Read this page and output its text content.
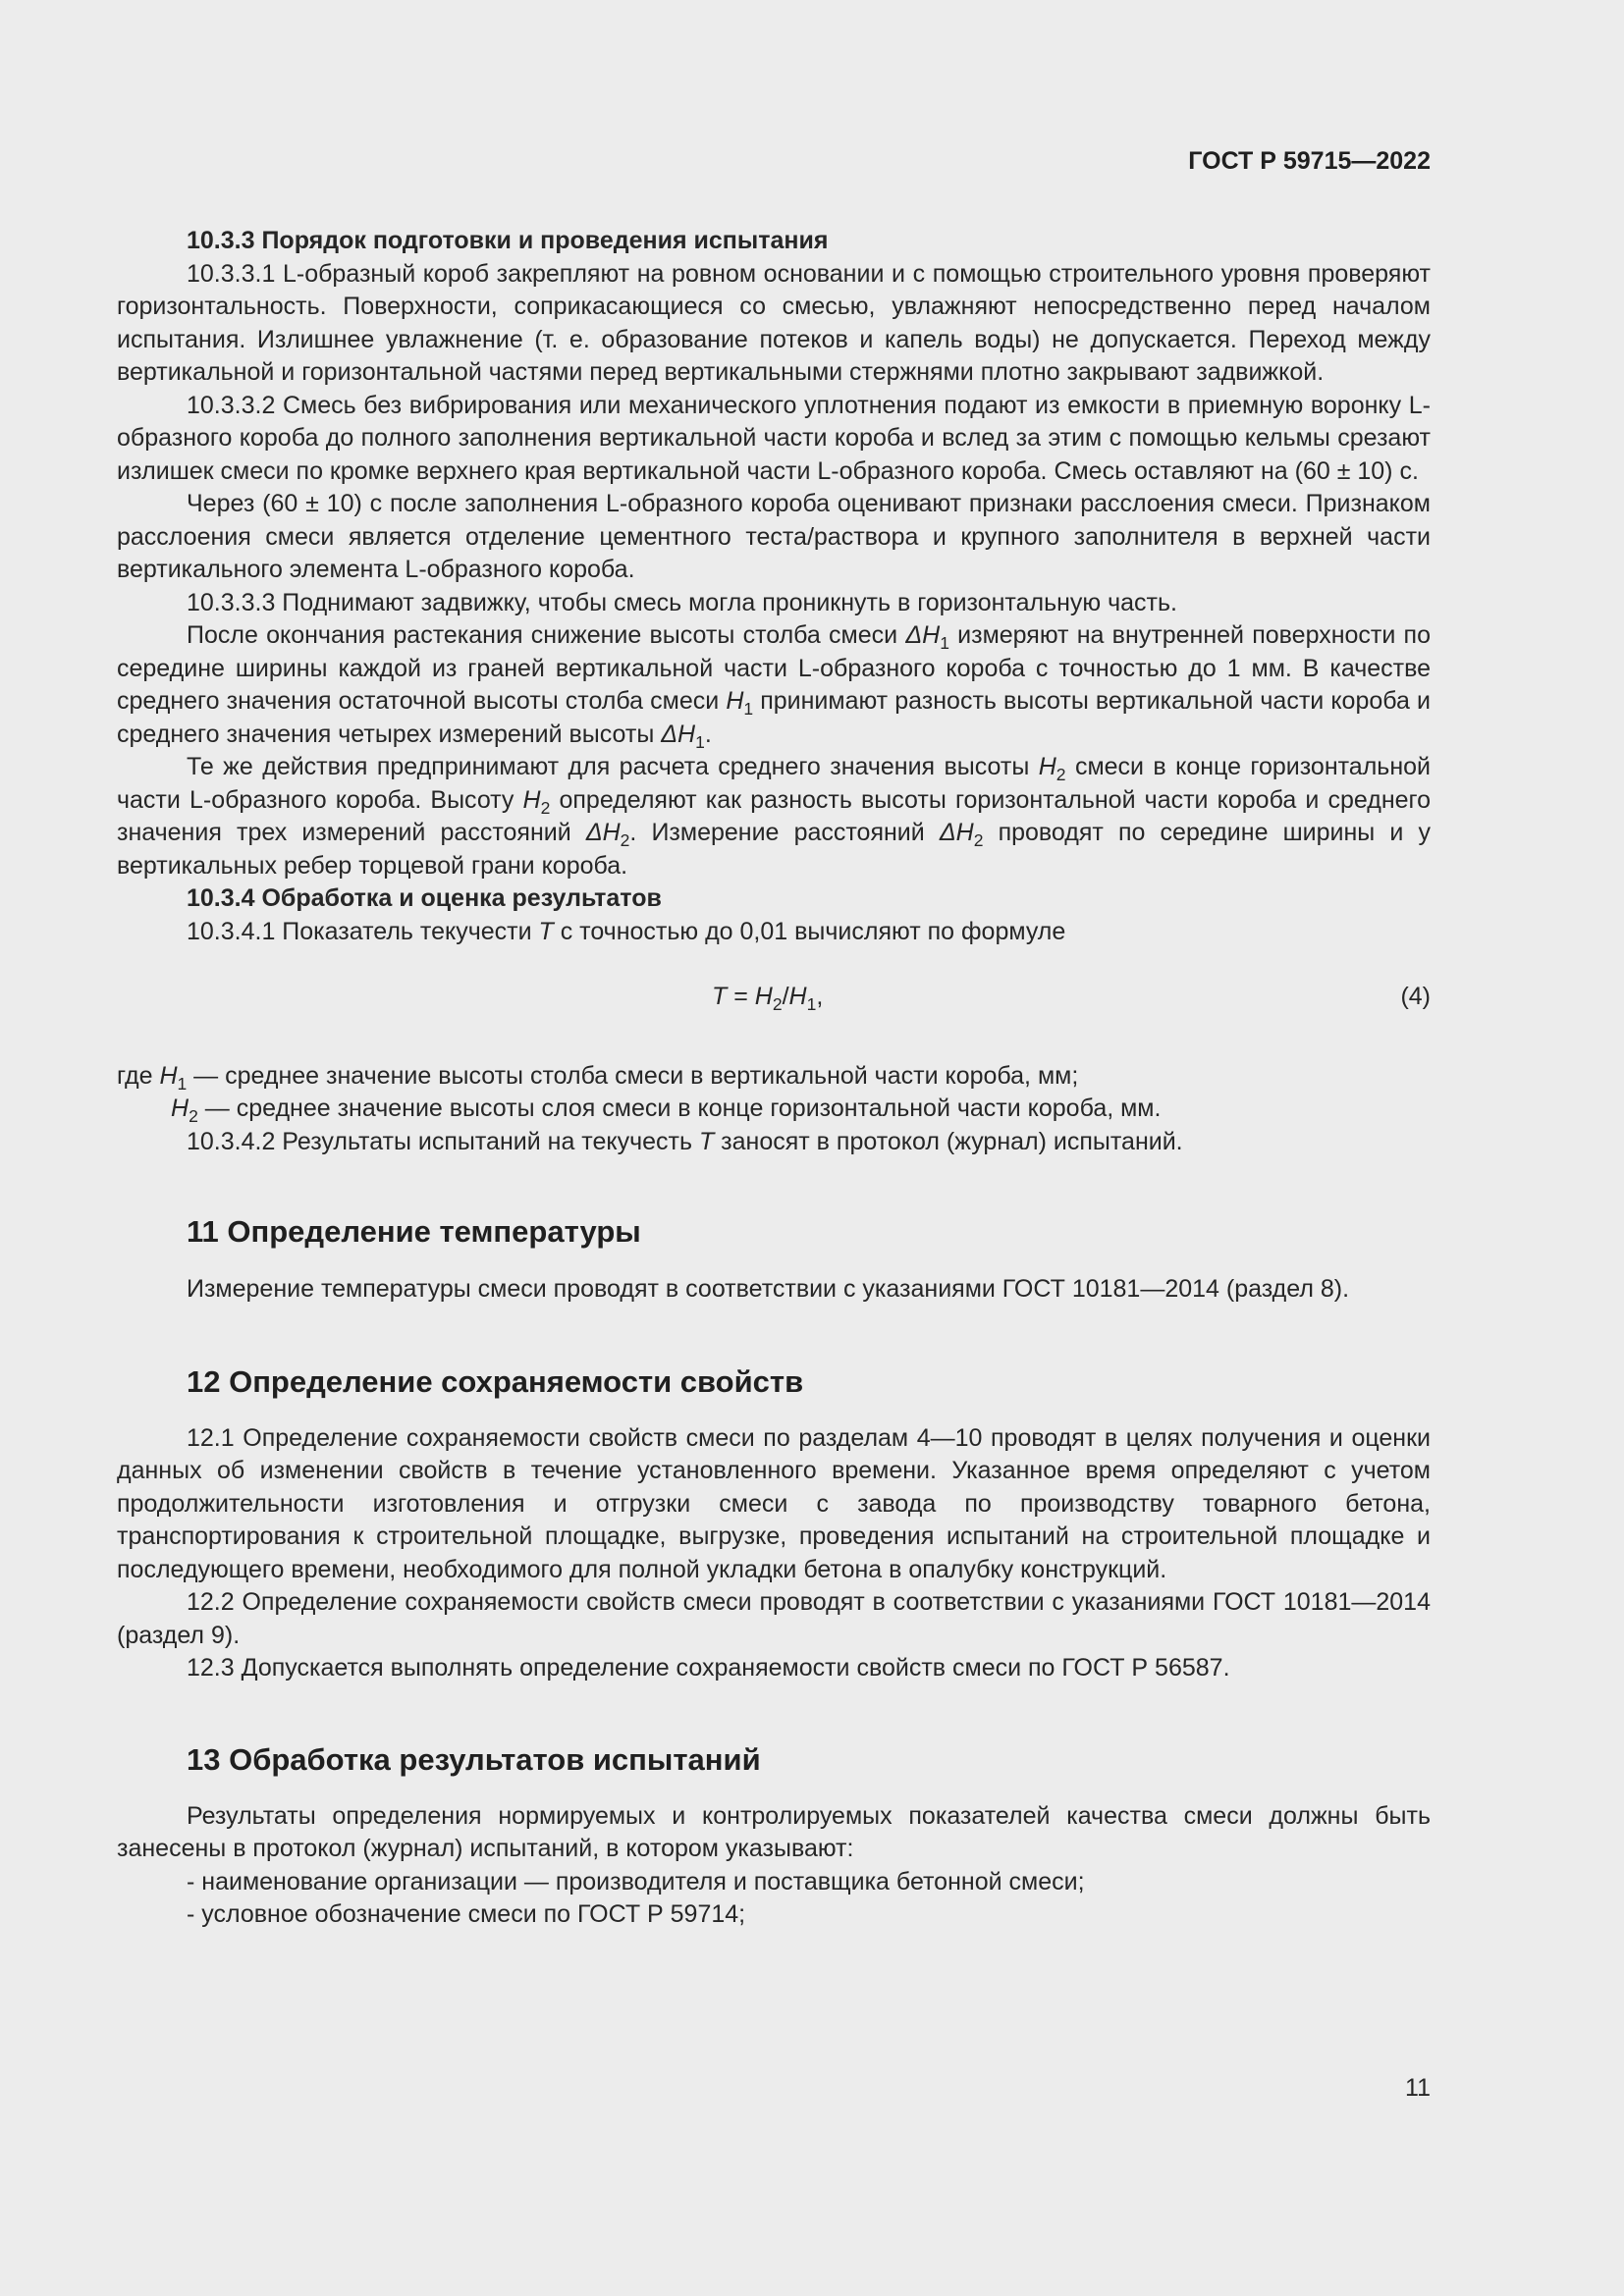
ГОСТ Р 59715—2022

10.3.3 Порядок подготовки и проведения испытания

10.3.3.1 L-образный короб закрепляют на ровном основании и с помощью строительного уровня проверяют горизонтальность. Поверхности, соприкасающиеся со смесью, увлажняют непосредственно перед началом испытания. Излишнее увлажнение (т. е. образование потеков и капель воды) не допускается. Переход между вертикальной и горизонтальной частями перед вертикальными стержнями плотно закрывают задвижкой.

10.3.3.2 Смесь без вибрирования или механического уплотнения подают из емкости в приемную воронку L-образного короба до полного заполнения вертикальной части короба и вслед за этим с помощью кельмы срезают излишек смеси по кромке верхнего края вертикальной части L-образного короба. Смесь оставляют на (60 ± 10) с.

Через (60 ± 10) с после заполнения L-образного короба оценивают признаки расслоения смеси. Признаком расслоения смеси является отделение цементного теста/раствора и крупного заполнителя в верхней части вертикального элемента L-образного короба.

10.3.3.3 Поднимают задвижку, чтобы смесь могла проникнуть в горизонтальную часть.

После окончания растекания снижение высоты столба смеси $\Delta H_1$ измеряют на внутренней поверхности по середине ширины каждой из граней вертикальной части L-образного короба с точностью до 1 мм. В качестве среднего значения остаточной высоты столба смеси $H_1$ принимают разность высоты вертикальной части короба и среднего значения четырех измерений высоты $\Delta H_1$.

Те же действия предпринимают для расчета среднего значения высоты $H_2$ смеси в конце горизонтальной части L-образного короба. Высоту $H_2$ определяют как разность высоты горизонтальной части короба и среднего значения трех измерений расстояний $\Delta H_2$. Измерение расстояний $\Delta H_2$ проводят по середине ширины и у вертикальных ребер торцевой грани короба.

10.3.4 Обработка и оценка результатов

10.3.4.1 Показатель текучести T с точностью до 0,01 вычисляют по формуле

$T = H_2/H_1$,	(4)

где $H_1$ — среднее значение высоты столба смеси в вертикальной части короба, мм;

$H_2$ — среднее значение высоты слоя смеси в конце горизонтальной части короба, мм.

10.3.4.2 Результаты испытаний на текучесть T заносят в протокол (журнал) испытаний.

11 Определение температуры

Измерение температуры смеси проводят в соответствии с указаниями ГОСТ 10181—2014 (раздел 8).

12 Определение сохраняемости свойств

12.1 Определение сохраняемости свойств смеси по разделам 4—10 проводят в целях получения и оценки данных об изменении свойств в течение установленного времени. Указанное время определяют с учетом продолжительности изготовления и отгрузки смеси с завода по производству товарного бетона, транспортирования к строительной площадке, выгрузке, проведения испытаний на строительной площадке и последующего времени, необходимого для полной укладки бетона в опалубку конструкций.

12.2 Определение сохраняемости свойств смеси проводят в соответствии с указаниями ГОСТ 10181—2014 (раздел 9).

12.3 Допускается выполнять определение сохраняемости свойств смеси по ГОСТ Р 56587.

13 Обработка результатов испытаний

Результаты определения нормируемых и контролируемых показателей качества смеси должны быть занесены в протокол (журнал) испытаний, в котором указывают:

- наименование организации — производителя и поставщика бетонной смеси;

- условное обозначение смеси по ГОСТ Р 59714;

11
